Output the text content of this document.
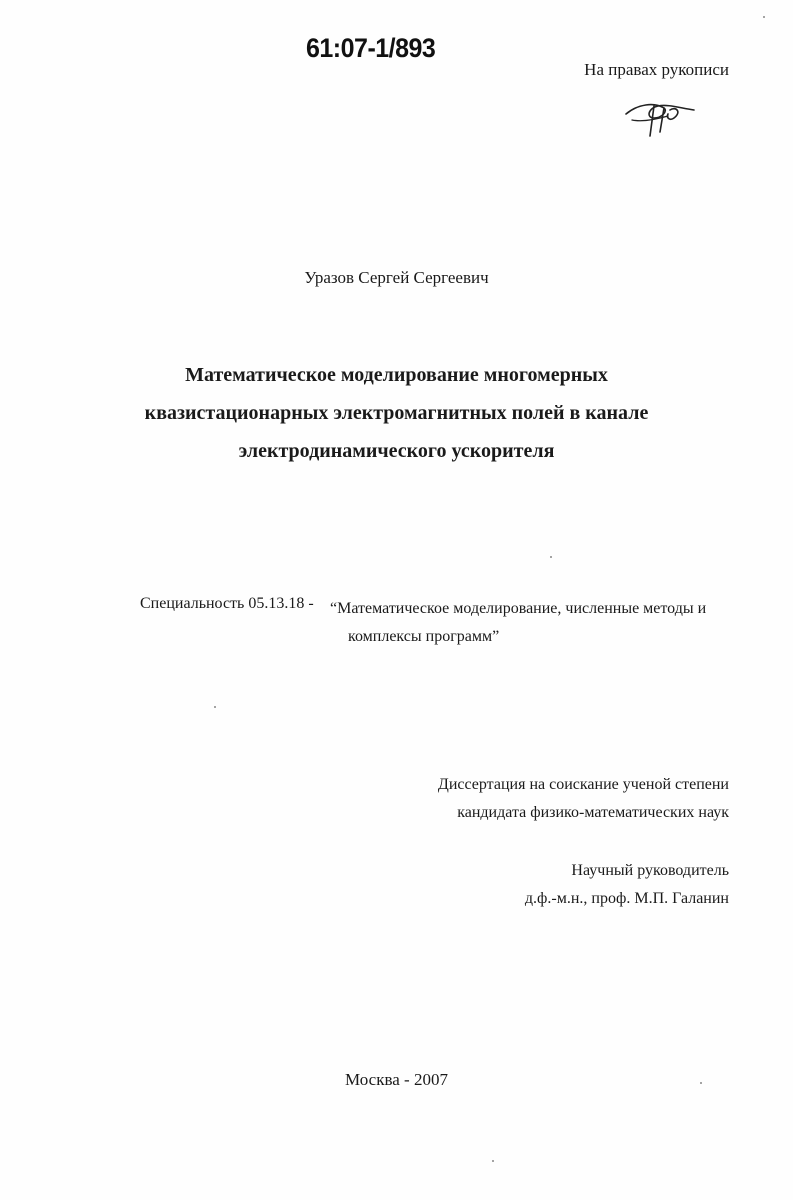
61:07-1/893
На правах рукописи
Уразов Сергей Сергеевич
Математическое моделирование многомерных
квазистационарных электромагнитных полей в канале
электродинамического ускорителя
Специальность 05.13.18 - “Математическое моделирование, численные методы и
комплексы программ”
Диссертация на соискание ученой степени
кандидата физико-математических наук
Научный руководитель
д.ф.-м.н., проф. М.П. Галанин
Москва - 2007
